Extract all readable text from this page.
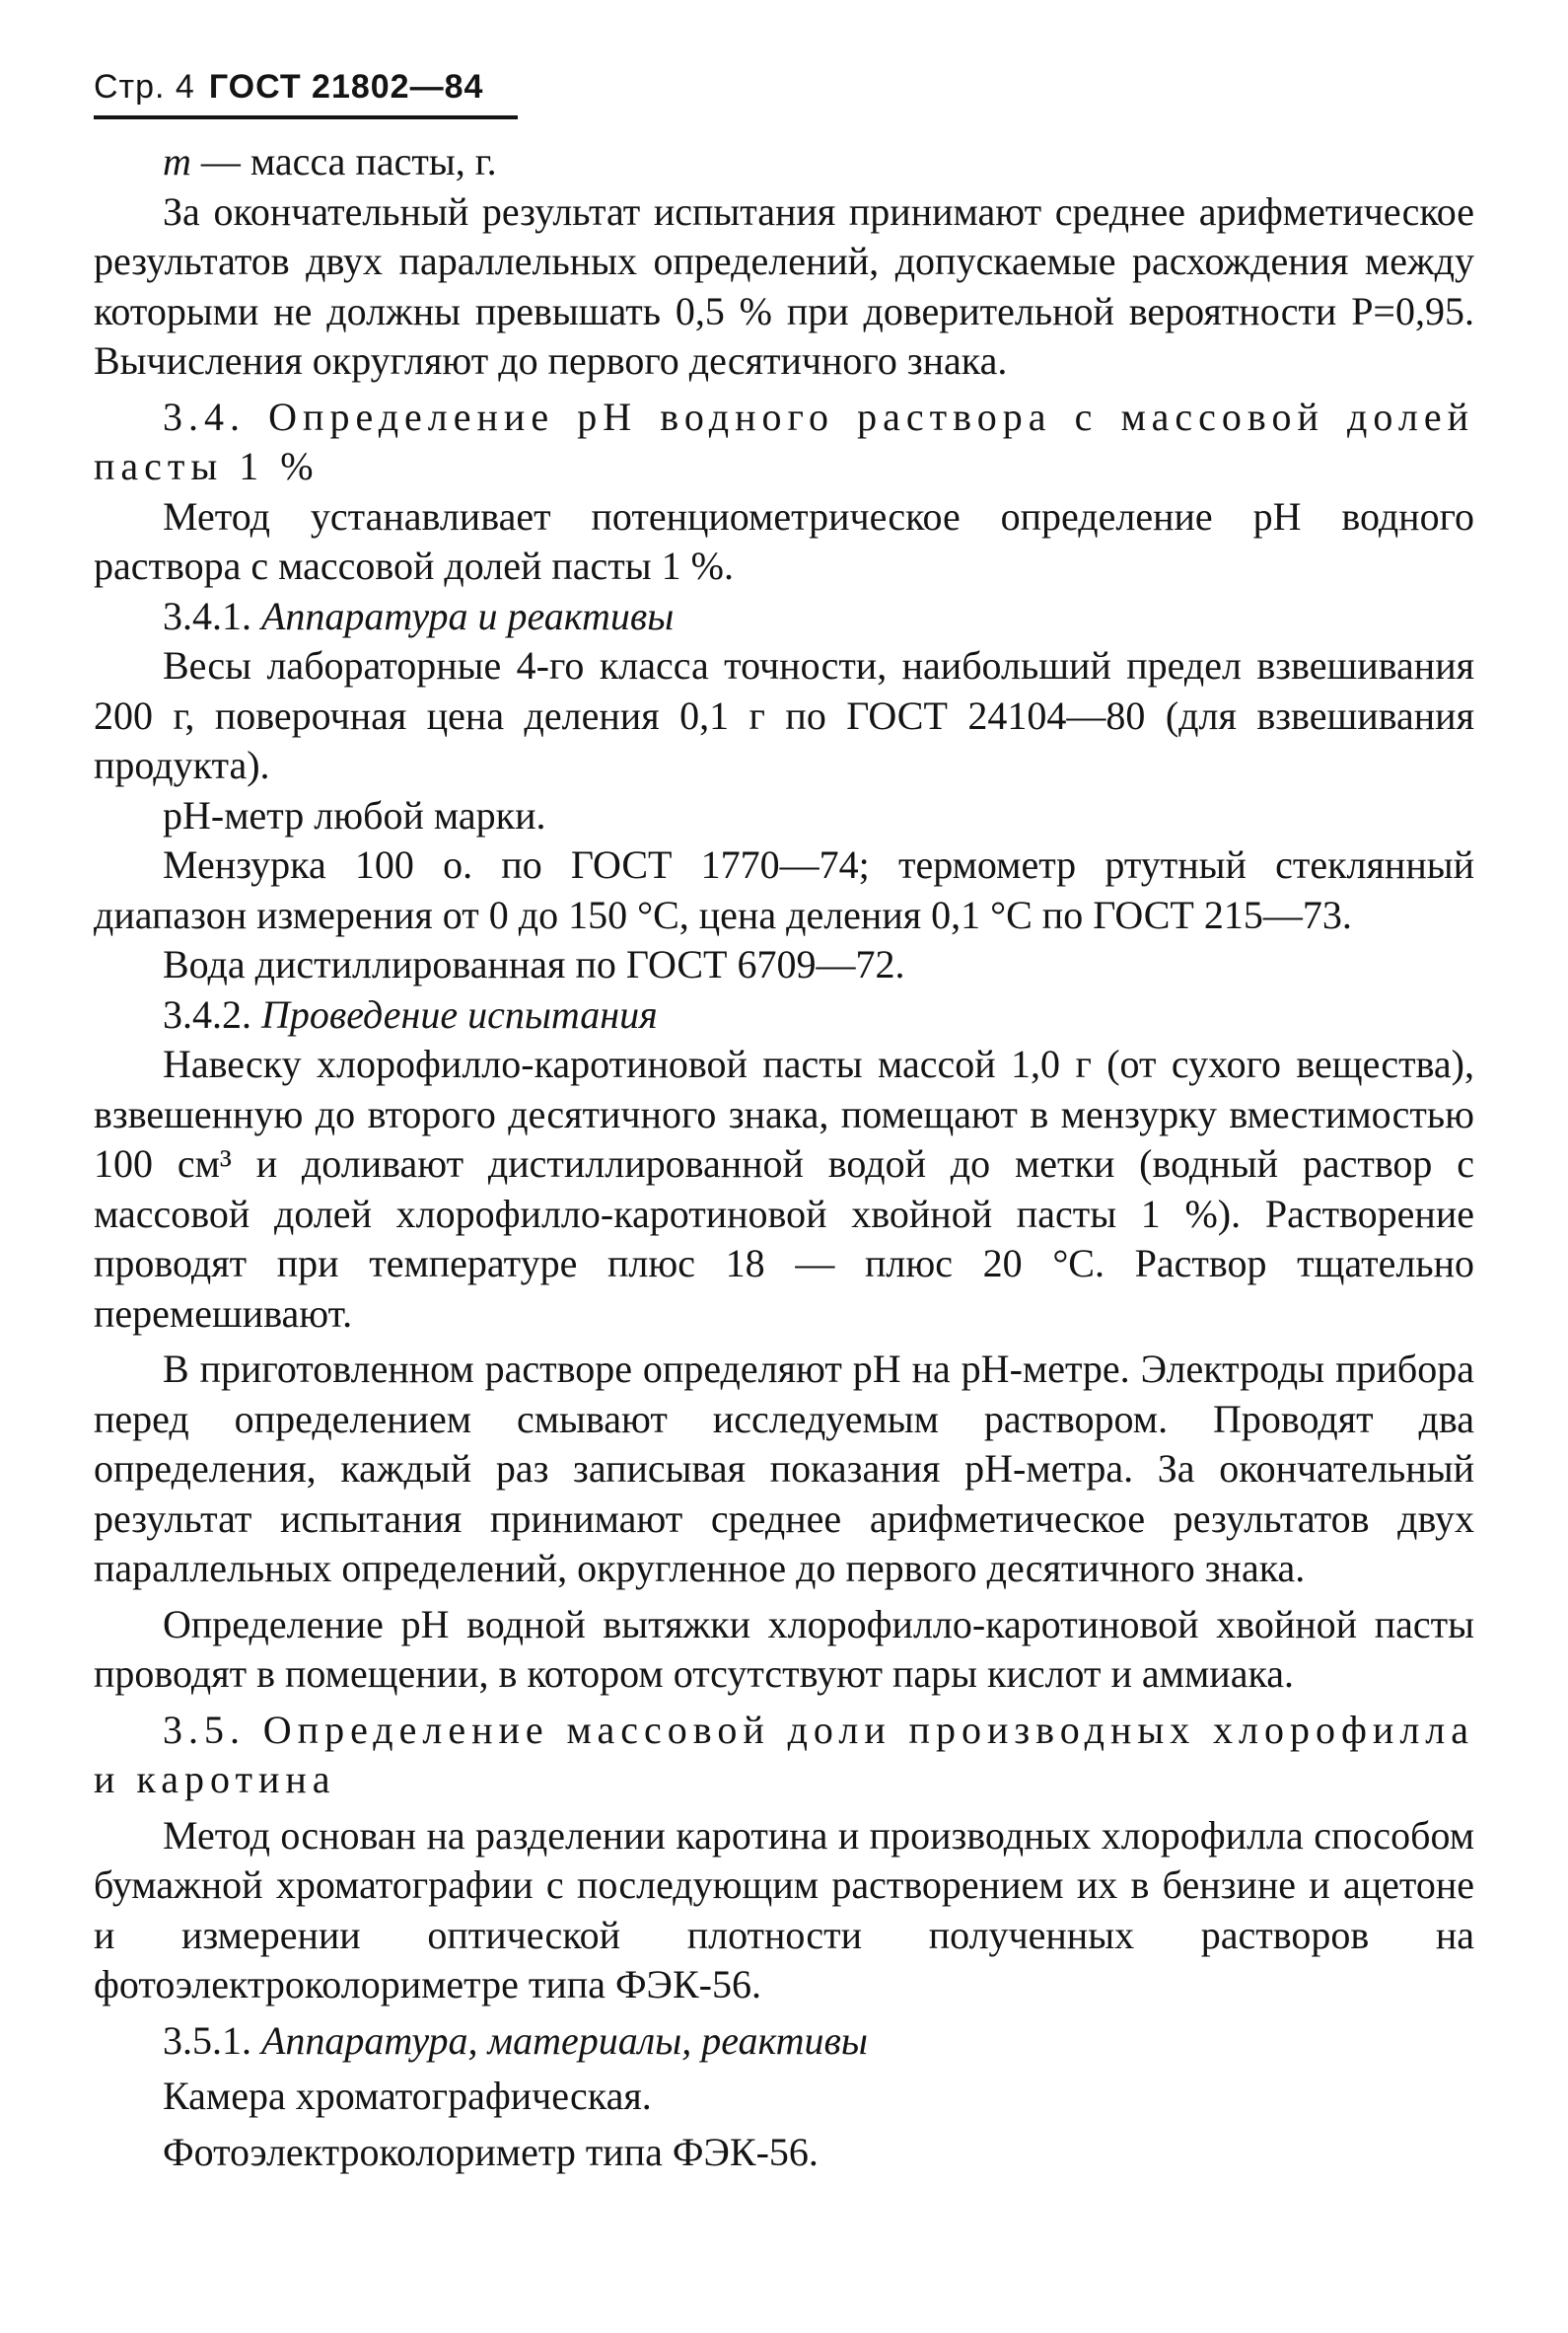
Стр. 4 ГОСТ 21802—84

m — масса пасты, г.

За окончательный результат испытания принимают среднее арифметическое результатов двух параллельных определений, допускаемые расхождения между которыми не должны превышать 0,5 % при доверительной вероятности P=0,95. Вычисления округляют до первого десятичного знака.

3.4. Определение рН водного раствора с массовой долей пасты 1 %

Метод устанавливает потенциометрическое определение рН водного раствора с массовой долей пасты 1 %.

3.4.1. Аппаратура и реактивы

Весы лабораторные 4-го класса точности, наибольший предел взвешивания 200 г, поверочная цена деления 0,1 г по ГОСТ 24104—80 (для взвешивания продукта).

рН-метр любой марки.

Мензурка 100 о. по ГОСТ 1770—74; термометр ртутный стеклянный диапазон измерения от 0 до 150 °С, цена деления 0,1 °С по ГОСТ 215—73.

Вода дистиллированная по ГОСТ 6709—72.

3.4.2. Проведение испытания

Навеску хлорофилло-каротиновой пасты массой 1,0 г (от сухого вещества), взвешенную до второго десятичного знака, помещают в мензурку вместимостью 100 см³ и доливают дистиллированной водой до метки (водный раствор с массовой долей хлорофилло-каротиновой хвойной пасты 1 %). Растворение проводят при температуре плюс 18 — плюс 20 °С. Раствор тщательно перемешивают.

В приготовленном растворе определяют рН на рН-метре. Электроды прибора перед определением смывают исследуемым раствором. Проводят два определения, каждый раз записывая показания рН-метра. За окончательный результат испытания принимают среднее арифметическое результатов двух параллельных определений, округленное до первого десятичного знака.

Определение рН водной вытяжки хлорофилло-каротиновой хвойной пасты проводят в помещении, в котором отсутствуют пары кислот и аммиака.

3.5. Определение массовой доли производных хлорофилла и каротина

Метод основан на разделении каротина и производных хлорофилла способом бумажной хроматографии с последующим растворением их в бензине и ацетоне и измерении оптической плотности полученных растворов на фотоэлектроколориметре типа ФЭК-56.

3.5.1. Аппаратура, материалы, реактивы

Камера хроматографическая.

Фотоэлектроколориметр типа ФЭК-56.
